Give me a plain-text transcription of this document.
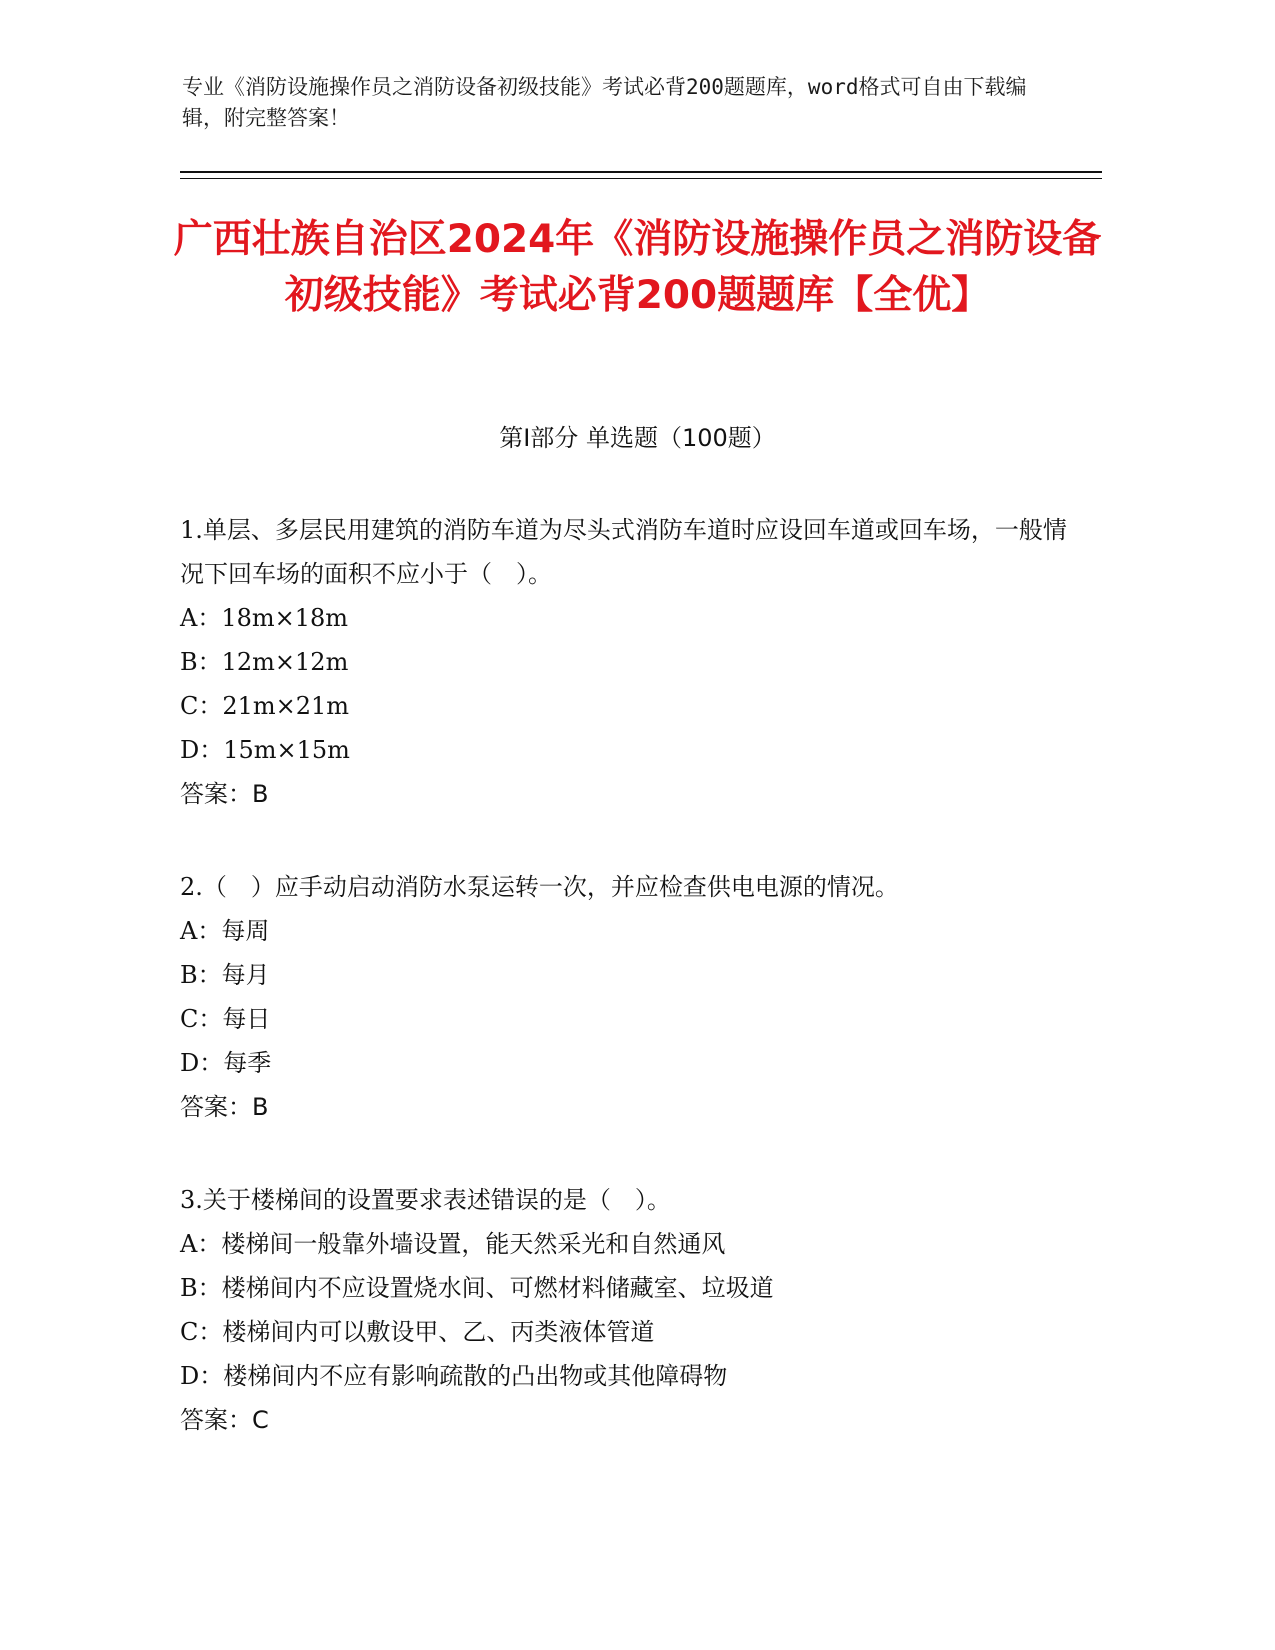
专业《消防设施操作员之消防设备初级技能》考试必背200题题库，word格式可自由下载编辑，附完整答案！
广西壮族自治区2024年《消防设施操作员之消防设备初级技能》考试必背200题题库【全优】
第I部分 单选题（100题）

1.单层、多层民用建筑的消防车道为尽头式消防车道时应设回车道或回车场，一般情况下回车场的面积不应小于（　）。

A：18m×18m

B：12m×12m

C：21m×21m

D：15m×15m

答案：B

2.（　）应手动启动消防水泵运转一次，并应检查供电电源的情况。

A：每周

B：每月

C：每日

D：每季

答案：B

3.关于楼梯间的设置要求表述错误的是（　）。

A：楼梯间一般靠外墙设置，能天然采光和自然通风

B：楼梯间内不应设置烧水间、可燃材料储藏室、垃圾道

C：楼梯间内可以敷设甲、乙、丙类液体管道

D：楼梯间内不应有影响疏散的凸出物或其他障碍物

答案：C
